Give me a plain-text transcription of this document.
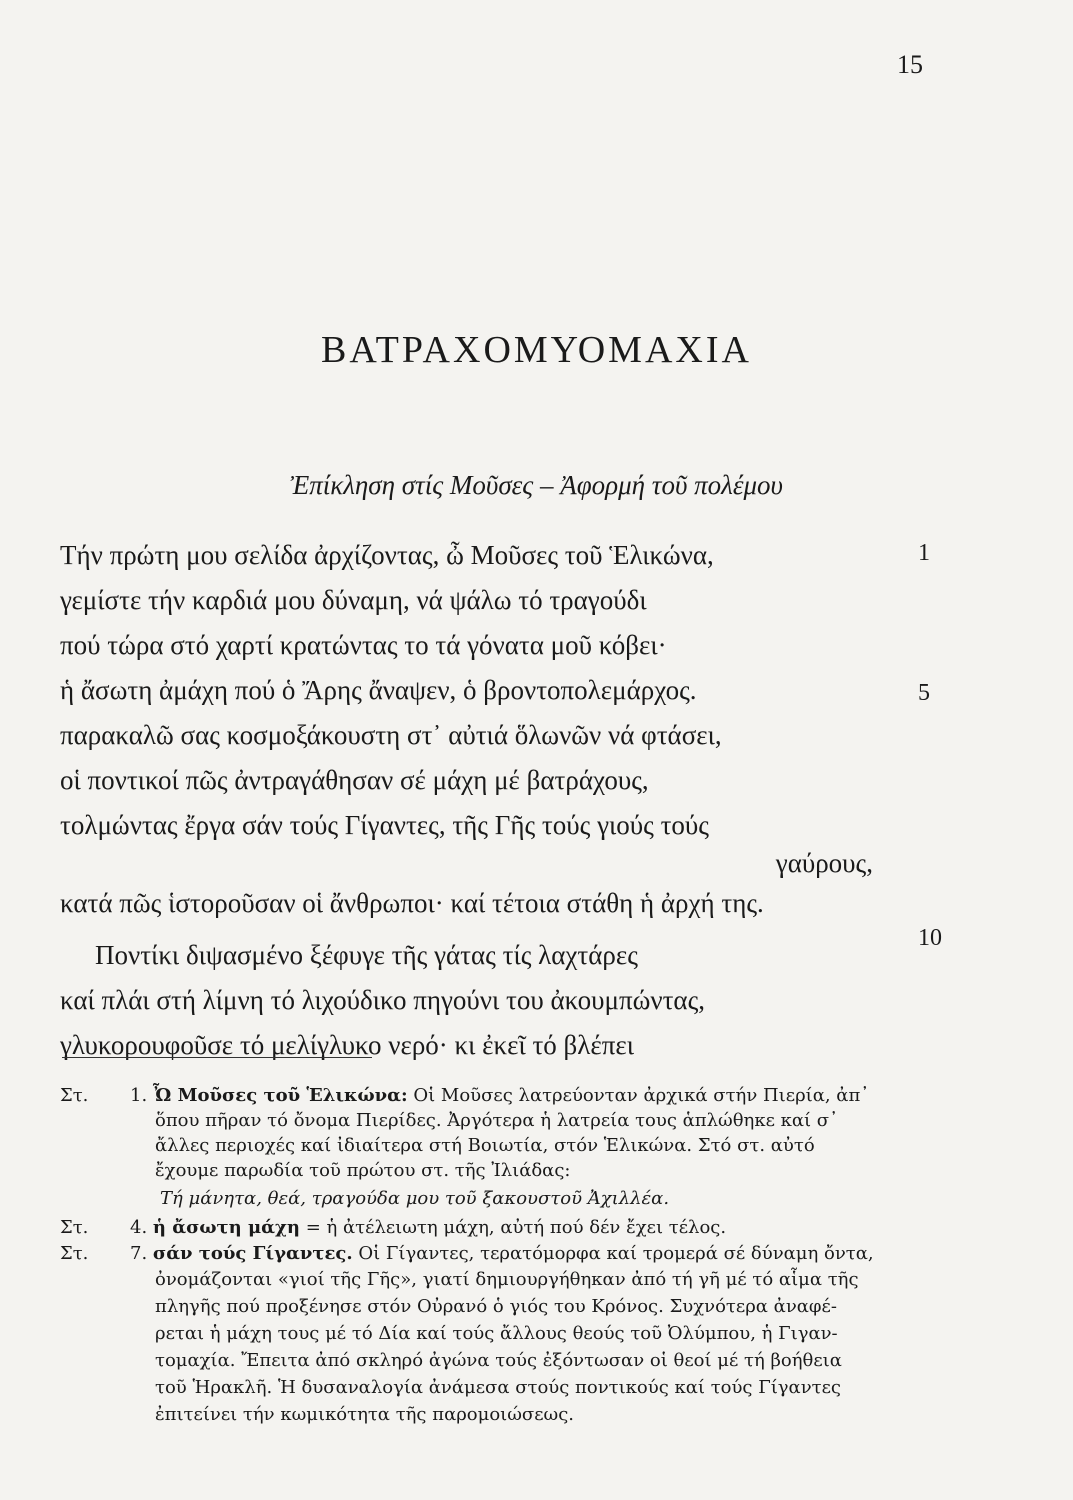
15
ΒΑΤΡΑΧΟΜΥΟΜΑΧΙΑ
Ἐπίκληση στίς Μοῦσες – Ἀφορμή τοῦ πολέμου
Τήν πρώτη μου σελίδα ἀρχίζοντας, ὦ Μοῦσες τοῦ Ἑλικώνα,	1
γεμίστε τήν καρδιά μου δύναμη, νά ψάλω τό τραγούδι
πού τώρα στό χαρτί κρατώντας το τά γόνατα μοῦ κόβει·
ἡ ἄσωτη ἀμάχη πού ὁ Ἄρης ἄναψεν, ὁ βροντοπολεμάρχος.
παρακαλῶ σας κοσμοξάκουστη στ᾽ αὐτιά ὅλωνῶν νά φτάσει,
5
οἱ ποντικοί πῶς ἀντραγάθησαν σέ μάχη μέ βατράχους,
τολμώντας ἔργα σάν τούς Γίγαντες, τῆς Γῆς τούς γιούς τούς
γαύρους,
κατά πῶς ἱστοροῦσαν οἱ ἄνθρωποι· καί τέτοια στάθη ἡ ἀρχή της.
Ποντίκι διψασμένο ξέφυγε τῆς γάτας τίς λαχτάρες
καί πλάι στή λίμνη τό λιχούδικο πηγούνι του ἀκουμπώντας,
10
γλυκορουφοῦσε τό μελίγλυκο νερό· κι ἐκεῖ τό βλέπει
Στ. 1. Ὦ Μοῦσες τοῦ Ἑλικώνα: Οἱ Μοῦσες λατρεύονταν ἀρχικά στήν Πιερία, ἀπ᾽
ὅπου πῆραν τό ὄνομα Πιερίδες. Ἀργότερα ἡ λατρεία τους ἁπλώθηκε καί σ᾽
ἄλλες περιοχές καί ἰδιαίτερα στή Βοιωτία, στόν Ἑλικώνα. Στό στ. αὐτό
ἔχουμε παρωδία τοῦ πρώτου στ. τῆς Ἰλιάδας:
Τή μάνητα, θεά, τραγούδα μου τοῦ ξακουστοῦ Ἀχιλλέα.
Στ. 4. ἡ ἄσωτη μάχη = ἡ ἀτέλειωτη μάχη, αὐτή πού δέν ἔχει τέλος.
Στ. 7. σάν τούς Γίγαντες. Οἱ Γίγαντες, τερατόμορφα καί τρομερά σέ δύναμη ὄντα,
ὀνομάζονται «γιοί τῆς Γῆς», γιατί δημιουργήθηκαν ἀπό τή γῆ μέ τό αἷμα τῆς
πληγῆς πού προξένησε στόν Οὐρανό ὁ γιός του Κρόνος. Συχνότερα ἀναφέ-
ρεται ἡ μάχη τους μέ τό Δία καί τούς ἄλλους θεούς τοῦ Ὀλύμπου, ἡ Γιγαν-
τομαχία. Ἔπειτα ἀπό σκληρό ἀγώνα τούς ἐξόντωσαν οἱ θεοί μέ τή βοήθεια
τοῦ Ἡρακλῆ. Ἡ δυσαναλογία ἀνάμεσα στούς ποντικούς καί τούς Γίγαντες
ἐπιτείνει τήν κωμικότητα τῆς παρομοιώσεως.
